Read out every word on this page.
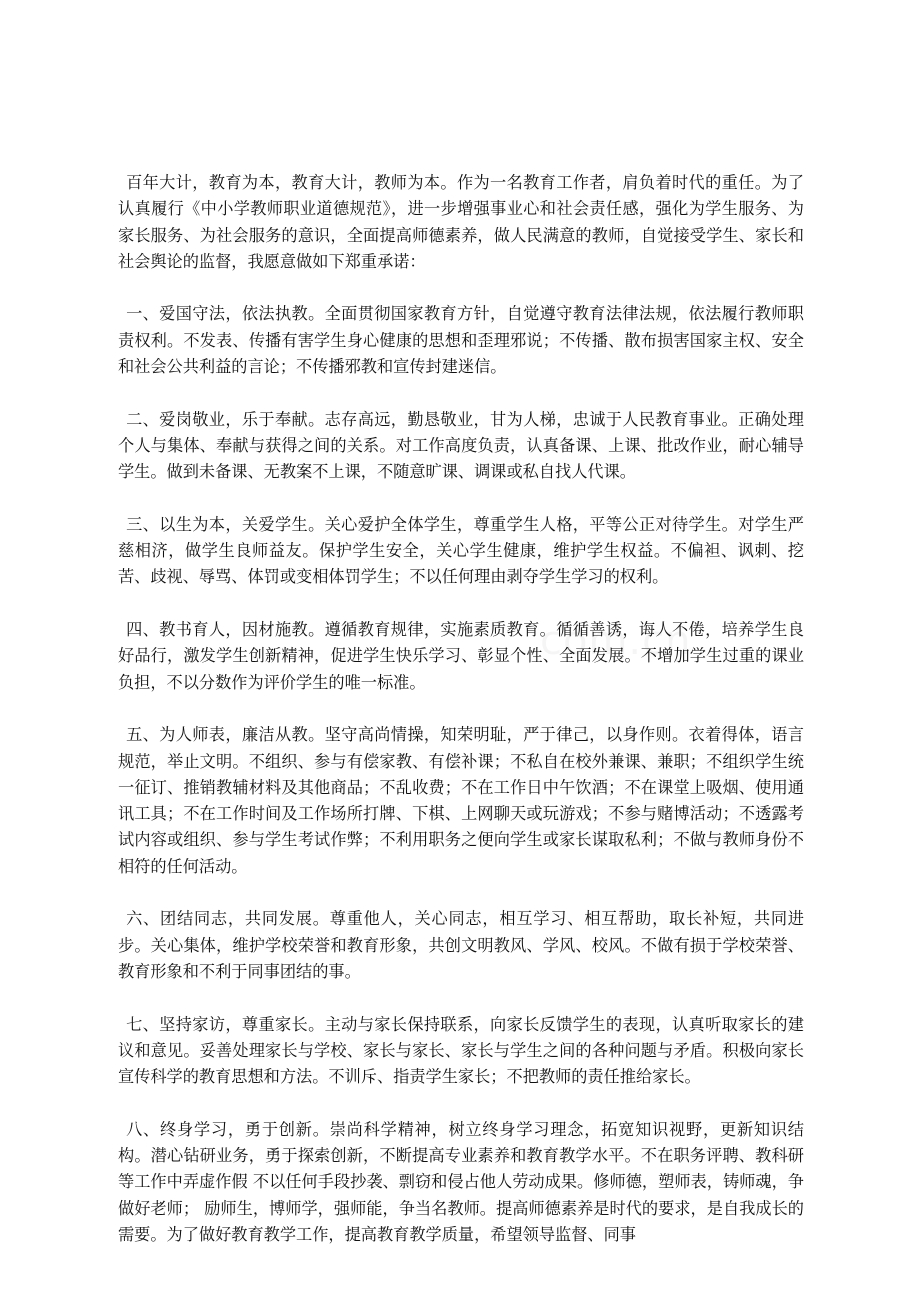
百年大计，教育为本，教育大计，教师为本。作为一名教育工作者，肩负着时代的重任。为了认真履行《中小学教师职业道德规范》，进一步增强事业心和社会责任感，强化为学生服务、为家长服务、为社会服务的意识，全面提高师德素养，做人民满意的教师，自觉接受学生、家长和社会舆论的监督，我愿意做如下郑重承诺：

一、爱国守法，依法执教。全面贯彻国家教育方针，自觉遵守教育法律法规，依法履行教师职责权利。不发表、传播有害学生身心健康的思想和歪理邪说；不传播、散布损害国家主权、安全和社会公共利益的言论；不传播邪教和宣传封建迷信。

二、爱岗敬业，乐于奉献。志存高远，勤恳敬业，甘为人梯，忠诚于人民教育事业。正确处理个人与集体、奉献与获得之间的关系。对工作高度负责，认真备课、上课、批改作业，耐心辅导学生。做到未备课、无教案不上课，不随意旷课、调课或私自找人代课。

三、以生为本，关爱学生。关心爱护全体学生，尊重学生人格，平等公正对待学生。对学生严慈相济，做学生良师益友。保护学生安全，关心学生健康，维护学生权益。不偏袒、讽刺、挖苦、歧视、辱骂、体罚或变相体罚学生；不以任何理由剥夺学生学习的权利。

四、教书育人，因材施教。遵循教育规律，实施素质教育。循循善诱，诲人不倦，培养学生良好品行，激发学生创新精神，促进学生快乐学习、彰显个性、全面发展。不增加学生过重的课业负担，不以分数作为评价学生的唯一标准。

五、为人师表，廉洁从教。坚守高尚情操，知荣明耻，严于律己，以身作则。衣着得体，语言规范，举止文明。不组织、参与有偿家教、有偿补课；不私自在校外兼课、兼职；不组织学生统一征订、推销教辅材料及其他商品；不乱收费；不在工作日中午饮酒；不在课堂上吸烟、使用通讯工具；不在工作时间及工作场所打牌、下棋、上网聊天或玩游戏；不参与赌博活动；不透露考试内容或组织、参与学生考试作弊；不利用职务之便向学生或家长谋取私利；不做与教师身份不相符的任何活动。

六、团结同志，共同发展。尊重他人，关心同志，相互学习、相互帮助，取长补短，共同进步。关心集体，维护学校荣誉和教育形象，共创文明教风、学风、校风。不做有损于学校荣誉、教育形象和不利于同事团结的事。

七、坚持家访，尊重家长。主动与家长保持联系，向家长反馈学生的表现，认真听取家长的建议和意见。妥善处理家长与学校、家长与家长、家长与学生之间的各种问题与矛盾。积极向家长宣传科学的教育思想和方法。不训斥、指责学生家长；不把教师的责任推给家长。

八、终身学习，勇于创新。崇尚科学精神，树立终身学习理念，拓宽知识视野，更新知识结构。潜心钻研业务，勇于探索创新，不断提高专业素养和教育教学水平。不在职务评聘、教科研等工作中弄虚作假 不以任何手段抄袭、剽窃和侵占他人劳动成果。修师德，塑师表，铸师魂，争做好老师； 励师生，博师学，强师能，争当名教师。提高师德素养是时代的要求，是自我成长的需要。为了做好教育教学工作，提高教育教学质量，希望领导监督、同事
